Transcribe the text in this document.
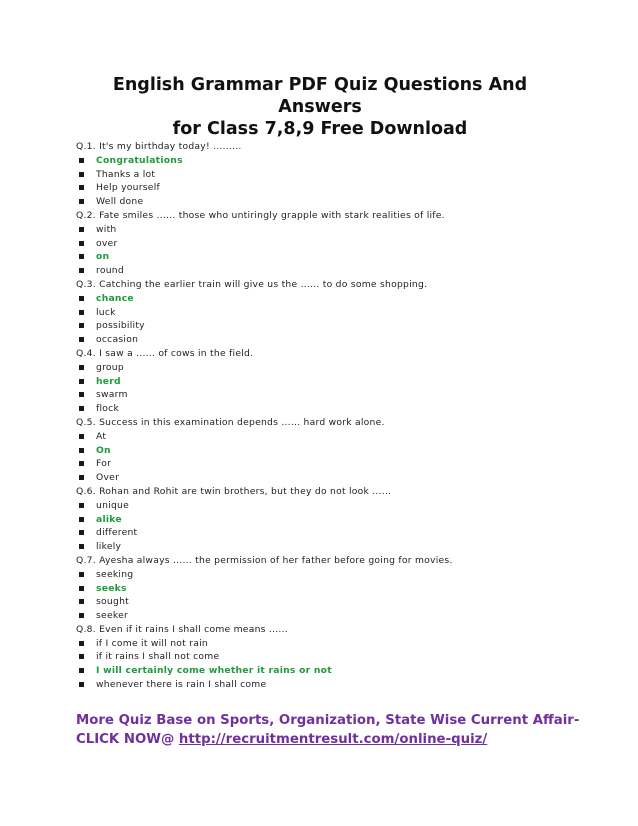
English Grammar PDF Quiz Questions And Answers
for Class 7,8,9 Free Download
Q.1. It's my birthday today! .........
Congratulations
Thanks a lot
Help yourself
Well done
Q.2. Fate smiles ...... those who untiringly grapple with stark realities of life.
with
over
on
round
Q.3. Catching the earlier train will give us the ...... to do some shopping.
chance
luck
possibility
occasion
Q.4. I saw a ...... of cows in the field.
group
herd
swarm
flock
Q.5. Success in this examination depends ...... hard work alone.
At
On
For
Over
Q.6. Rohan and Rohit are twin brothers, but they do not look ......
unique
alike
different
likely
Q.7. Ayesha always ...... the permission of her father before going for movies.
seeking
seeks
sought
seeker
Q.8. Even if it rains I shall come means ......
if I come it will not rain
if it rains I shall not come
I will certainly come whether it rains or not
whenever there is rain I shall come
More Quiz Base on Sports, Organization, State Wise Current Affair-
CLICK NOW@ http://recruitmentresult.com/online-quiz/
